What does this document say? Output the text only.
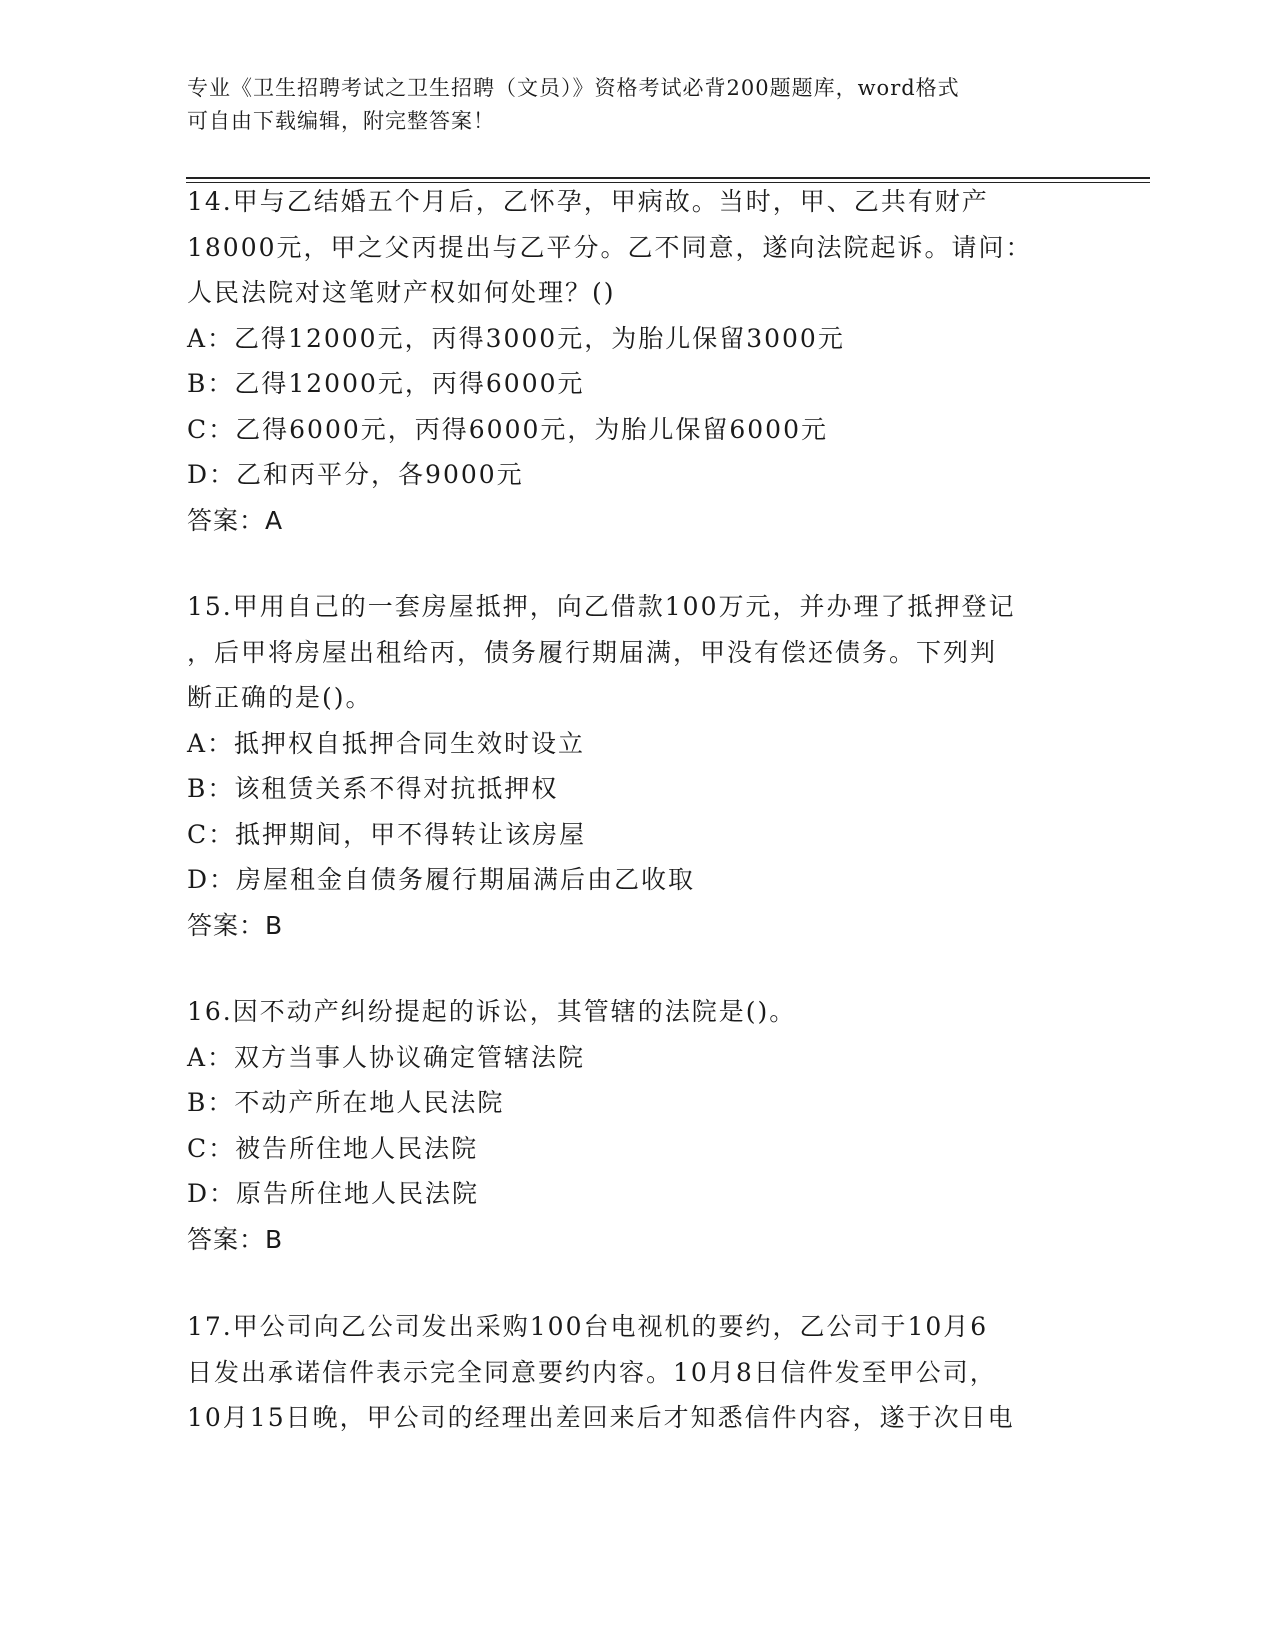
专业《卫生招聘考试之卫生招聘（文员）》资格考试必背200题题库，word格式
可自由下载编辑，附完整答案！
14.甲与乙结婚五个月后，乙怀孕，甲病故。当时，甲、乙共有财产
18000元，甲之父丙提出与乙平分。乙不同意，遂向法院起诉。请问：
人民法院对这笔财产权如何处理？()
A：乙得12000元，丙得3000元，为胎儿保留3000元
B：乙得12000元，丙得6000元
C：乙得6000元，丙得6000元，为胎儿保留6000元
D：乙和丙平分，各9000元
答案：A
15.甲用自己的一套房屋抵押，向乙借款100万元，并办理了抵押登记
，后甲将房屋出租给丙，债务履行期届满，甲没有偿还债务。下列判
断正确的是()。
A：抵押权自抵押合同生效时设立
B：该租赁关系不得对抗抵押权
C：抵押期间，甲不得转让该房屋
D：房屋租金自债务履行期届满后由乙收取
答案：B
16.因不动产纠纷提起的诉讼，其管辖的法院是()。
A：双方当事人协议确定管辖法院
B：不动产所在地人民法院
C：被告所住地人民法院
D：原告所住地人民法院
答案：B
17.甲公司向乙公司发出采购100台电视机的要约，乙公司于10月6
日发出承诺信件表示完全同意要约内容。10月8日信件发至甲公司，
10月15日晚，甲公司的经理出差回来后才知悉信件内容，遂于次日电
